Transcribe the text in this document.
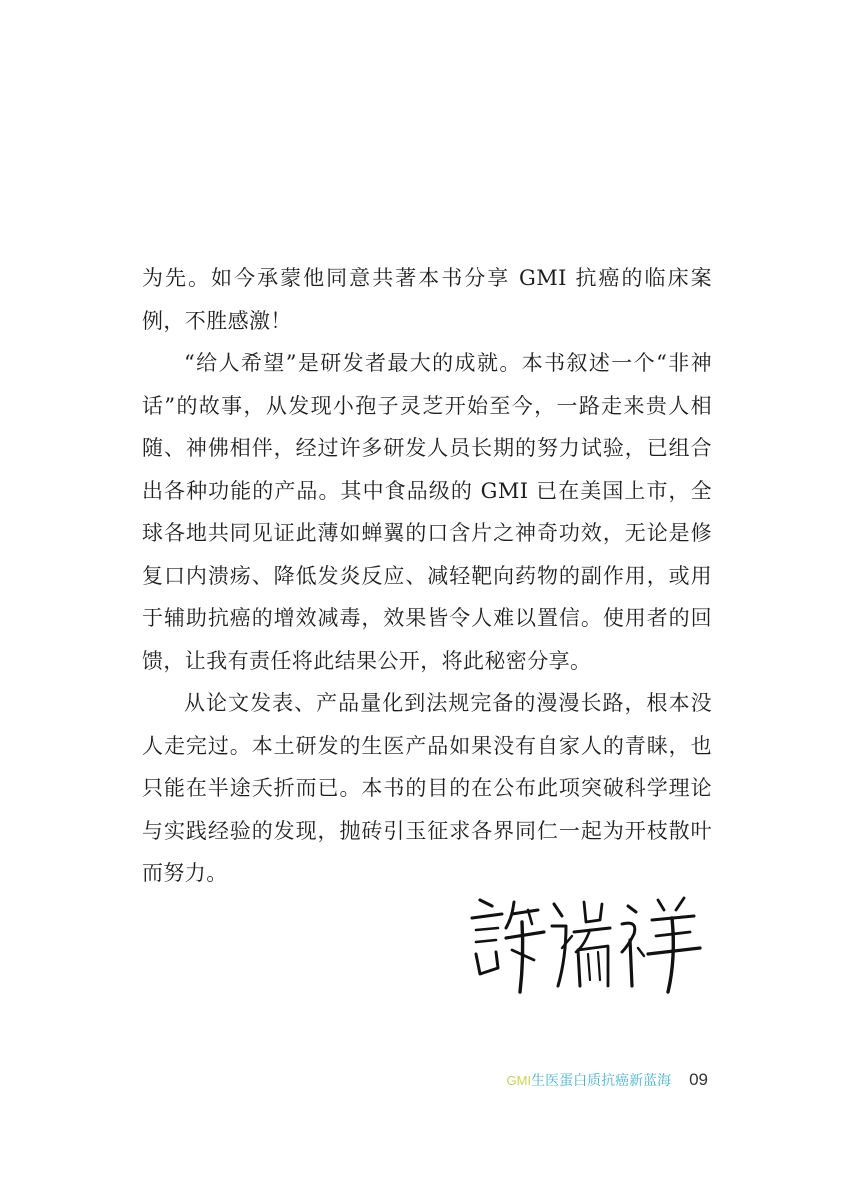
为先。如今承蒙他同意共著本书分享 GMI 抗癌的临床案例，不胜感激！

“给人希望”是研发者最大的成就。本书叙述一个“非神话”的故事，从发现小孢子灵芝开始至今，一路走来贵人相随、神佛相伴，经过许多研发人员长期的努力试验，已组合出各种功能的产品。其中食品级的 GMI 已在美国上市，全球各地共同见证此薄如蝉翼的口含片之神奇功效，无论是修复口内溃疡、降低发炎反应、减轻靶向药物的副作用，或用于辅助抗癌的增效减毒，效果皆令人难以置信。使用者的回馈，让我有责任将此结果公开，将此秘密分享。

从论文发表、产品量化到法规完备的漫漫长路，根本没人走完过。本土研发的生医产品如果没有自家人的青睐，也只能在半途夭折而已。本书的目的在公布此项突破科学理论与实践经验的发现，抛砖引玉征求各界同仁一起为开枝散叶而努力。

GMI 生医蛋白质抗癌新蓝海 09
